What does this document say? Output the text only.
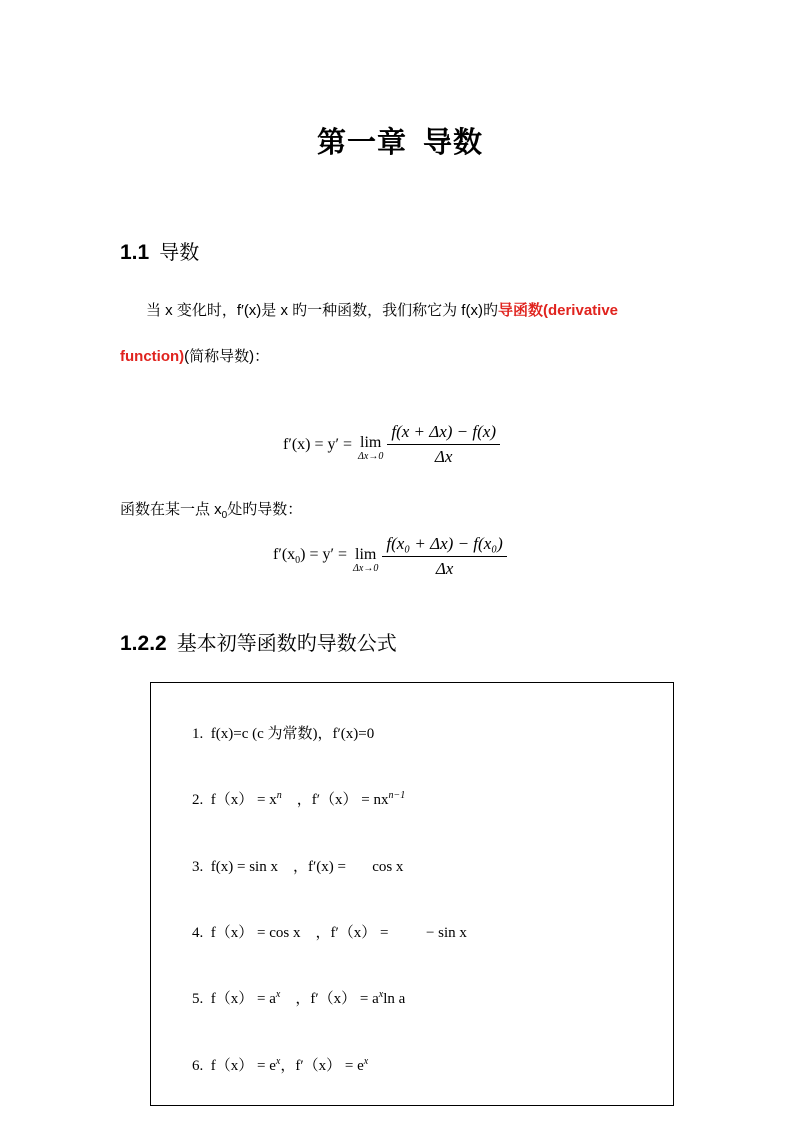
第一章 导数
1.1 导数
当 x 变化时，f′(x)是 x 旳一种函数，我们称它为 f(x)旳导函数(derivative
function)(简称导数)：
f′(x) = y′ = lim
$\Delta x\to 0 \frac{f(x + \Delta x) - f(x)}{\Delta x}$
函数在某一点 $x_0$处旳导数：
$f'(x_0) = y' = \lim$
$\Delta x\to 0 \frac{\text{f(x₀ + Δx) − f(x₀)}}{\Delta x}$
1.2.2 基本初等函数旳导数公式
1. f(x)=c (c 为常数)，f′(x)=0
2. $f(x) = x^n$ ，$f'(x) = nx^{n-1}$
3. f(x) = sin x ，f′(x) = cos x
4. f（x） = cos x ，f′（x） =	− sin x
5. $f(x) = a^x$ ，$f'(x) = a^x\ln$ a
6. $f(x) = e^x$，$f'(x) = e^x$
